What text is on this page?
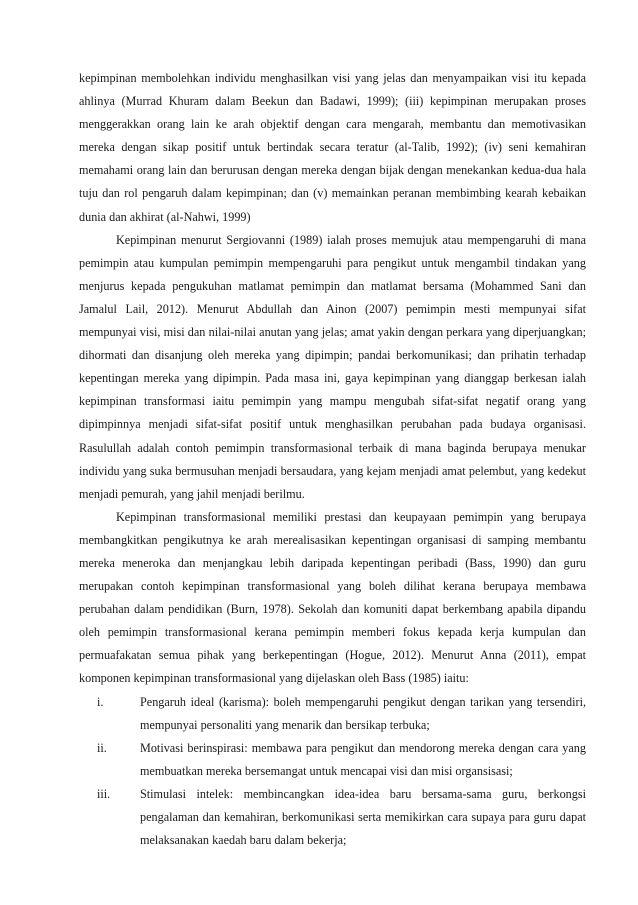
kepimpinan membolehkan individu menghasilkan visi yang jelas dan menyampaikan visi itu kepada ahlinya (Murrad Khuram dalam Beekun dan Badawi, 1999); (iii) kepimpinan merupakan proses menggerakkan orang lain ke arah objektif dengan cara mengarah, membantu dan memotivasikan mereka dengan sikap positif untuk bertindak secara teratur (al-Talib, 1992); (iv) seni kemahiran memahami orang lain dan berurusan dengan mereka dengan bijak dengan menekankan kedua-dua hala tuju dan rol pengaruh dalam kepimpinan; dan (v) memainkan peranan membimbing kearah kebaikan dunia dan akhirat (al-Nahwi, 1999)

Kepimpinan menurut Sergiovanni (1989) ialah proses memujuk atau mempengaruhi di mana pemimpin atau kumpulan pemimpin mempengaruhi para pengikut untuk mengambil tindakan yang menjurus kepada pengukuhan matlamat pemimpin dan matlamat bersama (Mohammed Sani dan Jamalul Lail, 2012). Menurut Abdullah dan Ainon (2007) pemimpin mesti mempunyai sifat mempunyai visi, misi dan nilai-nilai anutan yang jelas; amat yakin dengan perkara yang diperjuangkan; dihormati dan disanjung oleh mereka yang dipimpin; pandai berkomunikasi; dan prihatin terhadap kepentingan mereka yang dipimpin. Pada masa ini, gaya kepimpinan yang dianggap berkesan ialah kepimpinan transformasi iaitu pemimpin yang mampu mengubah sifat-sifat negatif orang yang dipimpinnya menjadi sifat-sifat positif untuk menghasilkan perubahan pada budaya organisasi. Rasulullah adalah contoh pemimpin transformasional terbaik di mana baginda berupaya menukar individu yang suka bermusuhan menjadi bersaudara, yang kejam menjadi amat pelembut, yang kedekut menjadi pemurah, yang jahil menjadi berilmu.

Kepimpinan transformasional memiliki prestasi dan keupayaan pemimpin yang berupaya membangkitkan pengikutnya ke arah merealisasikan kepentingan organisasi di samping membantu mereka meneroka dan menjangkau lebih daripada kepentingan peribadi (Bass, 1990) dan guru merupakan contoh kepimpinan transformasional yang boleh dilihat kerana berupaya membawa perubahan dalam pendidikan (Burn, 1978). Sekolah dan komuniti dapat berkembang apabila dipandu oleh pemimpin transformasional kerana pemimpin memberi fokus kepada kerja kumpulan dan permuafakatan semua pihak yang berkepentingan (Hogue, 2012). Menurut Anna (2011), empat komponen kepimpinan transformasional yang dijelaskan oleh Bass (1985) iaitu:

i.	Pengaruh ideal (karisma): boleh mempengaruhi pengikut dengan tarikan yang tersendiri, mempunyai personaliti yang menarik dan bersikap terbuka;
ii.	Motivasi berinspirasi: membawa para pengikut dan mendorong mereka dengan cara yang membuatkan mereka bersemangat untuk mencapai visi dan misi organsisasi;
iii.	Stimulasi intelek: membincangkan idea-idea baru bersama-sama guru, berkongsi pengalaman dan kemahiran, berkomunikasi serta memikirkan cara supaya para guru dapat melaksanakan kaedah baru dalam bekerja;
